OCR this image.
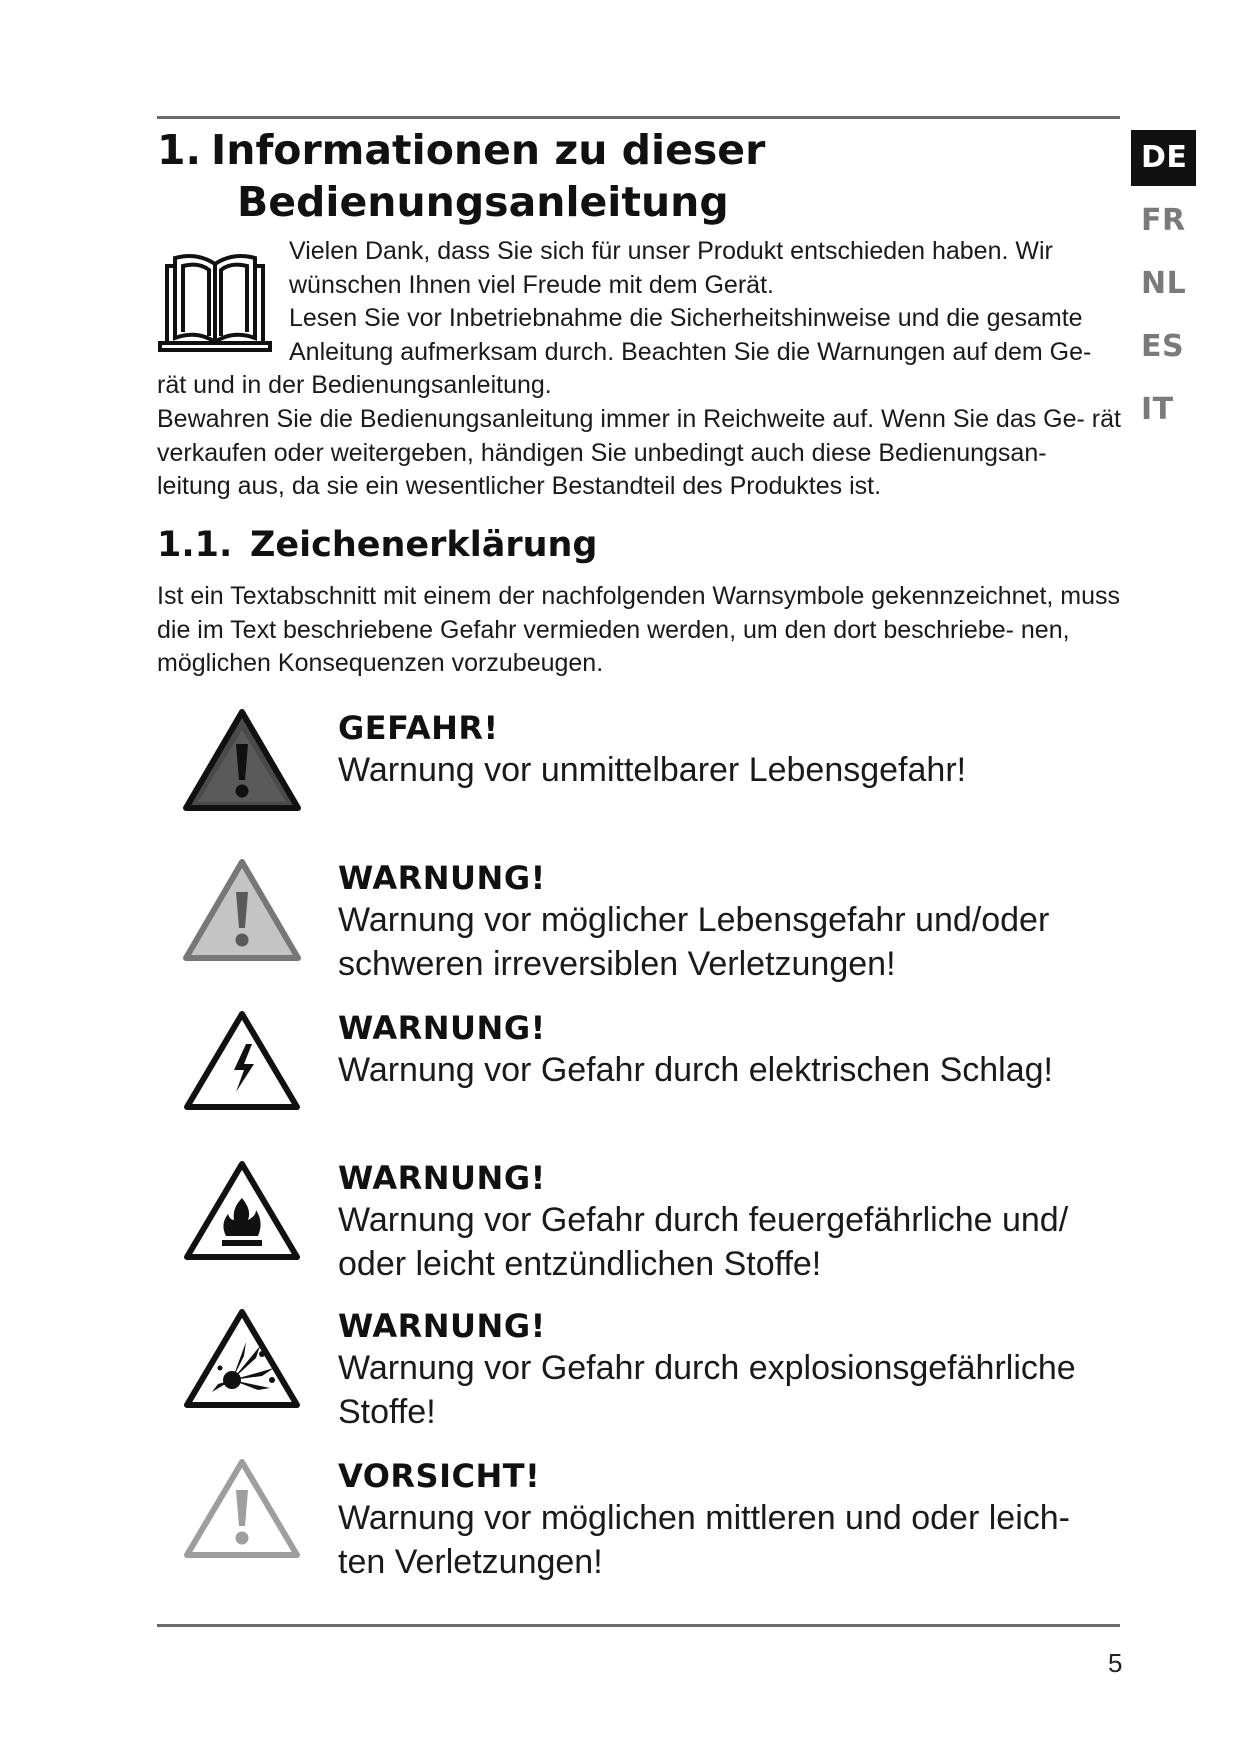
DE
FR
NL
ES
IT
1. Informationen zu dieser
Bedienungsanleitung
Vielen Dank, dass Sie sich für unser Produkt entschieden haben. Wir
wünschen Ihnen viel Freude mit dem Gerät.
Lesen Sie vor Inbetriebnahme die Sicherheitshinweise und die gesamte
Anleitung aufmerksam durch. Beachten Sie die Warnungen auf dem Ge-
rät und in der Bedienungsanleitung.

Bewahren Sie die Bedienungsanleitung immer in Reichweite auf. Wenn Sie das Ge- rät verkaufen oder weitergeben, händigen Sie unbedingt auch diese Bedienungsan- leitung aus, da sie ein wesentlicher Bestandteil des Produktes ist.

1.1. Zeichenerklärung

Ist ein Textabschnitt mit einem der nachfolgenden Warnsymbole gekennzeichnet, muss die im Text beschriebene Gefahr vermieden werden, um den dort beschriebe- nen, möglichen Konsequenzen vorzubeugen.

GEFAHR!
Warnung vor unmittelbarer Lebensgefahr!
WARNUNG!
Warnung vor möglicher Lebensgefahr und/oder
schweren irreversiblen Verletzungen!
WARNUNG!
Warnung vor Gefahr durch elektrischen Schlag!
WARNUNG!
Warnung vor Gefahr durch feuergefährliche und/
oder leicht entzündlichen Stoffe!
WARNUNG!
Warnung vor Gefahr durch explosionsgefährliche
Stoffe!
VORSICHT!
Warnung vor möglichen mittleren und oder leich-
ten Verletzungen!
5
